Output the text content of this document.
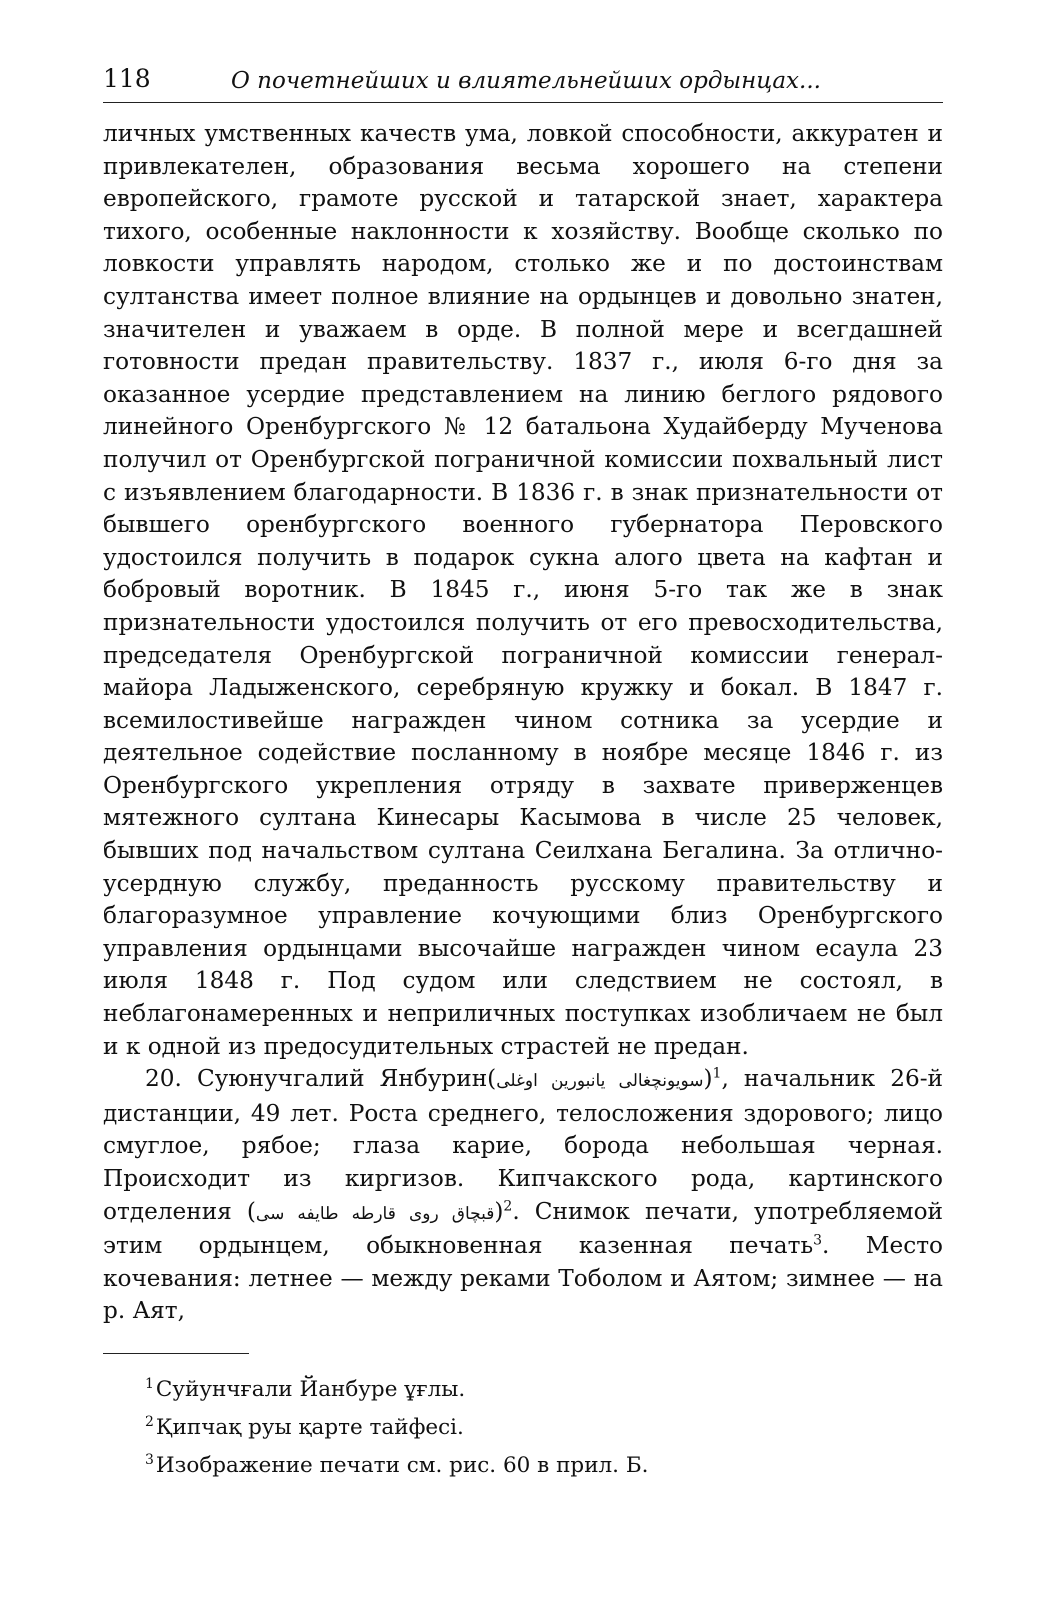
118	О почетнейших и влиятельнейших ордынцах...

личных умственных качеств ума, ловкой способности, аккуратен и привлекателен, образования весьма хорошего на степени европейского, грамоте русской и татарской знает, характера тихого, особенные наклонности к хозяйству. Вообще сколько по ловкости управлять народом, столько же и по достоинствам султанства имеет полное влияние на ордынцев и довольно знатен, значителен и уважаем в орде. В полной мере и всегдашней готовности предан правительству. 1837 г., июля 6-го дня за оказанное усердие представлением на линию беглого рядового линейного Оренбургского № 12 батальона Худайберду Мученова получил от Оренбургской пограничной комиссии похвальный лист с изъявлением благодарности. В 1836 г. в знак признательности от бывшего оренбургского военного губернатора Перовского удостоился получить в подарок сукна алого цвета на кафтан и бобровый воротник. В 1845 г., июня 5-го так же в знак признательности удостоился получить от его превосходительства, председателя Оренбургской пограничной комиссии генерал-майора Ладыженского, серебряную кружку и бокал. В 1847 г. всемилостивейше награжден чином сотника за усердие и деятельное содействие посланному в ноябре месяце 1846 г. из Оренбургского укрепления отряду в захвате приверженцев мятежного султана Кинесары Касымова в числе 25 человек, бывших под начальством султана Сеилхана Бегалина. За отлично-усердную службу, преданность русскому правительству и благоразумное управление кочующими близ Оренбургского управления ордынцами высочайше награжден чином есаула 23 июля 1848 г. Под судом или следствием не состоял, в неблагонамеренных и неприличных поступках изобличаем не был и к одной из предосудительных страстей не предан.

20. Суюнучгалий Янбурин(سويونچغالى يانبورين اوغلى)$^1$, начальник 26-й дистанции, 49 лет. Роста среднего, телосложения здорового; лицо смуглое, рябое; глаза карие, борода небольшая черная. Происходит из киргизов. Кипчакского рода, картинского отделения (قبچاق روى قارطه طايفه سى)$^2$. Снимок печати, употребляемой этим ордынцем, обыкновенная казенная печать$^3$. Место кочевания: летнее — между реками Тоболом и Аятом; зимнее — на р. Аят,

$^1$Суйунчғали Йанбуре ұғлы.
$^2$Қипчақ руы қарте тайфесі.
$^3$Изображение печати см. рис. 60 в прил. Б.
